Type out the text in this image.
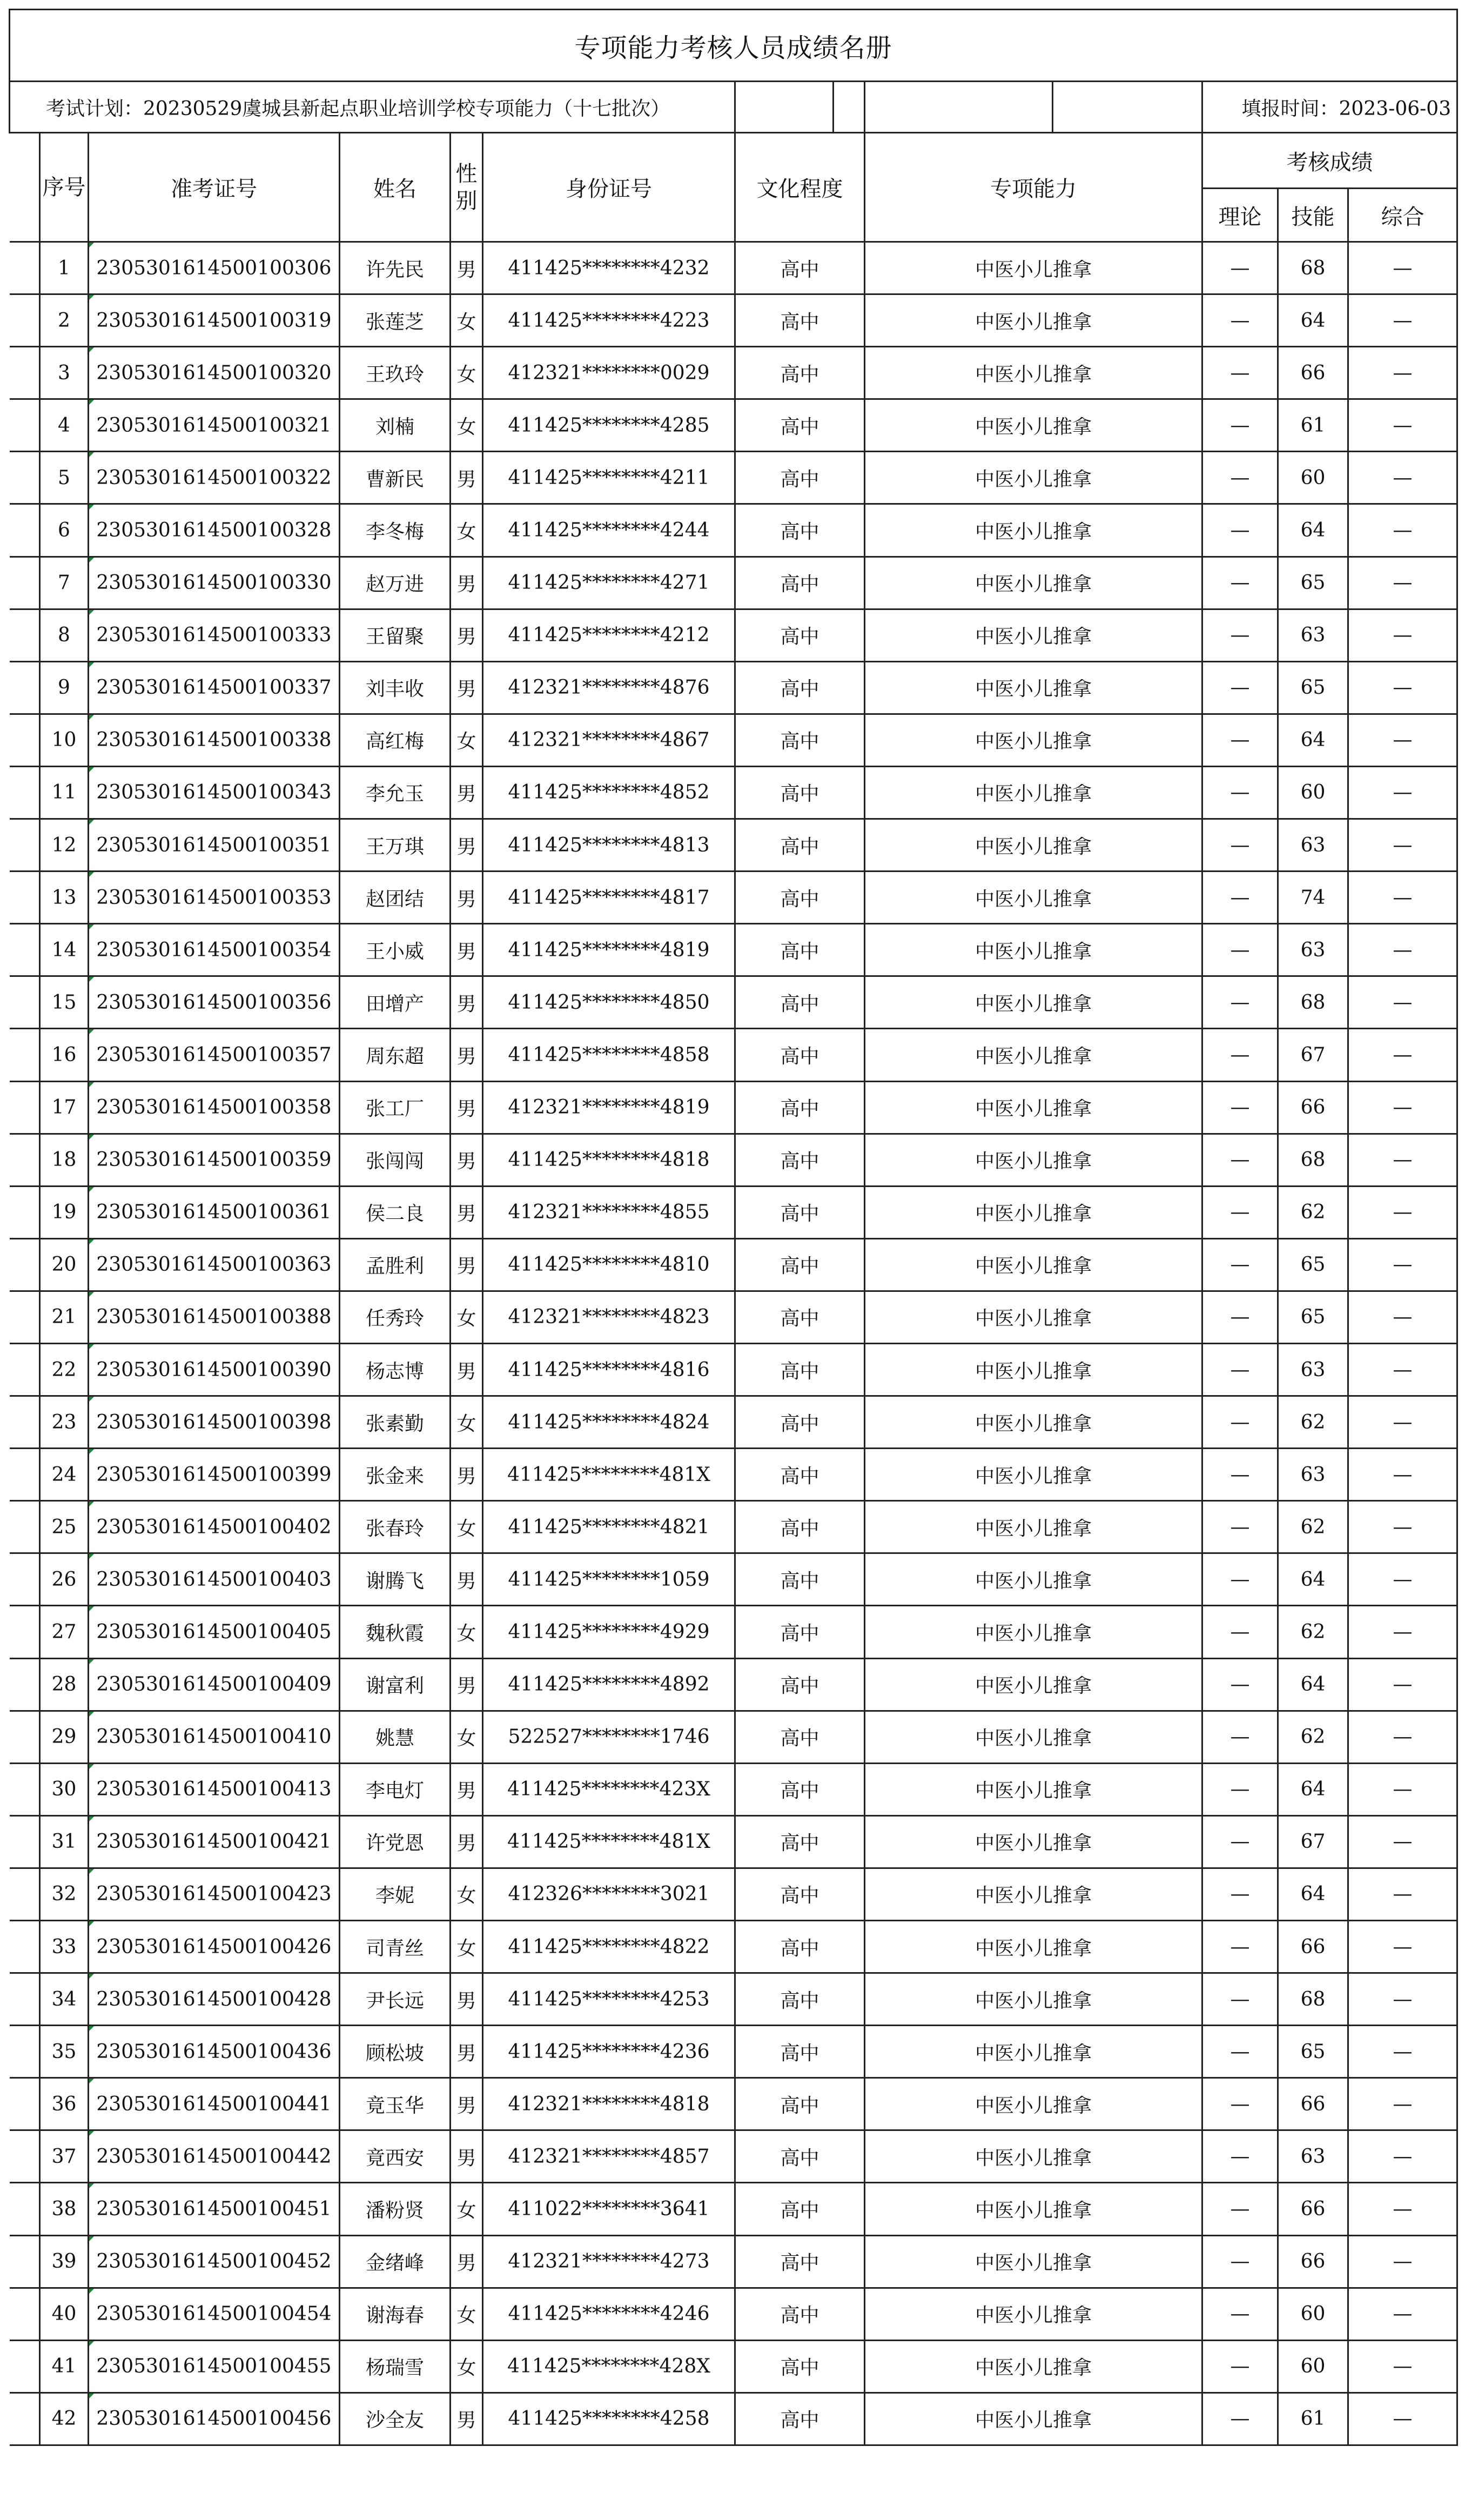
专项能力考核人员成绩名册										
考试计划：20230529虞城县新起点职业培训学校专项能力（十七批次）								填报时间：2023-06-03		
	序号	准考证号	姓名	性别	身份证号	文化程度	专项能力	考核成绩		
								理论	技能	综合
	1	2305301614500100306	许先民	男	411425********4232	高中	中医小儿推拿	—	68	—
	2	2305301614500100319	张莲芝	女	411425********4223	高中	中医小儿推拿	—	64	—
	3	2305301614500100320	王玖玲	女	412321********0029	高中	中医小儿推拿	—	66	—
	4	2305301614500100321	刘楠	女	411425********4285	高中	中医小儿推拿	—	61	—
	5	2305301614500100322	曹新民	男	411425********4211	高中	中医小儿推拿	—	60	—
	6	2305301614500100328	李冬梅	女	411425********4244	高中	中医小儿推拿	—	64	—
	7	2305301614500100330	赵万进	男	411425********4271	高中	中医小儿推拿	—	65	—
	8	2305301614500100333	王留聚	男	411425********4212	高中	中医小儿推拿	—	63	—
	9	2305301614500100337	刘丰收	男	412321********4876	高中	中医小儿推拿	—	65	—
	10	2305301614500100338	高红梅	女	412321********4867	高中	中医小儿推拿	—	64	—
	11	2305301614500100343	李允玉	男	411425********4852	高中	中医小儿推拿	—	60	—
	12	2305301614500100351	王万琪	男	411425********4813	高中	中医小儿推拿	—	63	—
	13	2305301614500100353	赵团结	男	411425********4817	高中	中医小儿推拿	—	74	—
	14	2305301614500100354	王小威	男	411425********4819	高中	中医小儿推拿	—	63	—
	15	2305301614500100356	田增产	男	411425********4850	高中	中医小儿推拿	—	68	—
	16	2305301614500100357	周东超	男	411425********4858	高中	中医小儿推拿	—	67	—
	17	2305301614500100358	张工厂	男	412321********4819	高中	中医小儿推拿	—	66	—
	18	2305301614500100359	张闯闯	男	411425********4818	高中	中医小儿推拿	—	68	—
	19	2305301614500100361	侯二良	男	412321********4855	高中	中医小儿推拿	—	62	—
	20	2305301614500100363	孟胜利	男	411425********4810	高中	中医小儿推拿	—	65	—
	21	2305301614500100388	任秀玲	女	412321********4823	高中	中医小儿推拿	—	65	—
	22	2305301614500100390	杨志博	男	411425********4816	高中	中医小儿推拿	—	63	—
	23	2305301614500100398	张素勤	女	411425********4824	高中	中医小儿推拿	—	62	—
	24	2305301614500100399	张金来	男	411425********481X	高中	中医小儿推拿	—	63	—
	25	2305301614500100402	张春玲	女	411425********4821	高中	中医小儿推拿	—	62	—
	26	2305301614500100403	谢腾飞	男	411425********1059	高中	中医小儿推拿	—	64	—
	27	2305301614500100405	魏秋霞	女	411425********4929	高中	中医小儿推拿	—	62	—
	28	2305301614500100409	谢富利	男	411425********4892	高中	中医小儿推拿	—	64	—
	29	2305301614500100410	姚慧	女	522527********1746	高中	中医小儿推拿	—	62	—
	30	2305301614500100413	李电灯	男	411425********423X	高中	中医小儿推拿	—	64	—
	31	2305301614500100421	许党恩	男	411425********481X	高中	中医小儿推拿	—	67	—
	32	2305301614500100423	李妮	女	412326********3021	高中	中医小儿推拿	—	64	—
	33	2305301614500100426	司青丝	女	411425********4822	高中	中医小儿推拿	—	66	—
	34	2305301614500100428	尹长远	男	411425********4253	高中	中医小儿推拿	—	68	—
	35	2305301614500100436	顾松坡	男	411425********4236	高中	中医小儿推拿	—	65	—
	36	2305301614500100441	竟玉华	男	412321********4818	高中	中医小儿推拿	—	66	—
	37	2305301614500100442	竟西安	男	412321********4857	高中	中医小儿推拿	—	63	—
	38	2305301614500100451	潘粉贤	女	411022********3641	高中	中医小儿推拿	—	66	—
	39	2305301614500100452	金绪峰	男	412321********4273	高中	中医小儿推拿	—	66	—
	40	2305301614500100454	谢海春	女	411425********4246	高中	中医小儿推拿	—	60	—
	41	2305301614500100455	杨瑞雪	女	411425********428X	高中	中医小儿推拿	—	60	—
	42	2305301614500100456	沙全友	男	411425********4258	高中	中医小儿推拿	—	61	—
